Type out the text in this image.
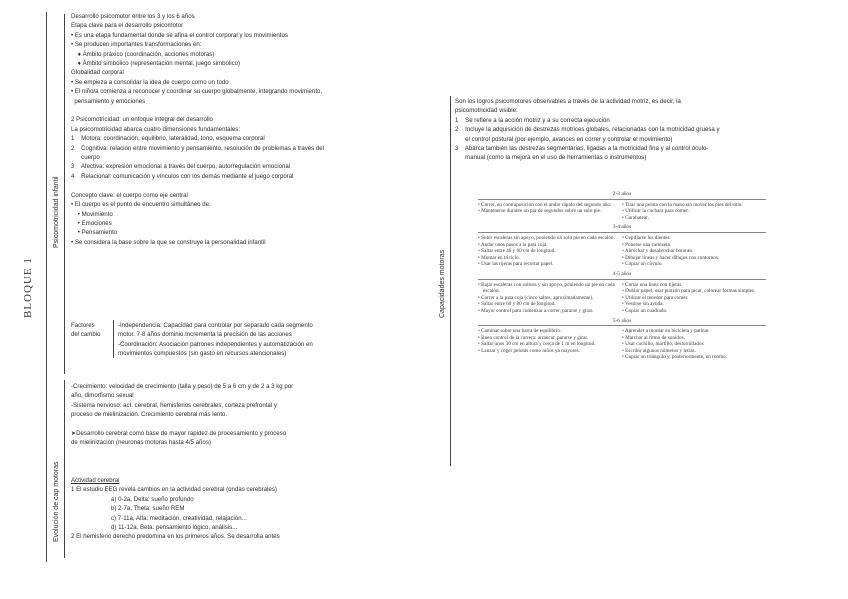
BLOQUE 1
Psicomotricidad infantil
Evolución de cap motoras
Capacidades motoras
Desarrollo psicomotor entre los 3 y los 6 años
Etapa clave para el desarrollo psicomotor
• Es una etapa fundamental donde se afina el control corporal y los movimientos
• Se producen importantes transformaciones en:
♦ Ámbito práxico (coordinación, acciones motoras)
♦ Ámbito simbólico (representación mental, juego simbólico)
Globalidad corporal
• Se empieza a consolidar la idea de cuerpo como un todo
• El niño/a comienza a reconocer y coordinar su cuerpo globalmente, integrando movimiento,
pensamiento y emociones
2 Psicomotricidad: un enfoque integral del desarrollo
La psicomotricidad abarca cuatro dimensiones fundamentales:
1    Motora: coordinación, equilibrio, lateralidad, tono, esquema corporal
2    Cognitiva: relación entre movimiento y pensamiento, resolución de problemas a través del
cuerpo
3    Afectiva: expresión emocional a través del cuerpo, autorregulación emocional
4    Relacional: comunicación y vínculos con los demás mediante el juego corporal
Concepto clave: el cuerpo como eje central
• El cuerpo es el punto de encuentro simultáneo de:
• Movimiento
• Emociones
• Pensamiento
• Se considera la base sobre la que se construye la personalidad infantil
Factores
del cambio
-Independencia: Capacidad para controlar por separado cada segmento
motor. 7-8 años dominio.Incrementa la precisión de las acciones
-Coordinación: Asociación patrones independientes y automatización en
movimientos compuestos (sin gasto en recursos atencionales)
-Crecimiento: velocidad de crecimiento (talla y peso) de 5 a 6 cm y de 2 a 3 kg por
año, dimorfismo sexual
-Sistema nervioso: act. cerebral, hemisferios cerebrales, corteza prefrontal y
proceso de mielinización. Crecimiento cerebral más lento.
➤Desarrollo cerebral como base de mayor rapidez de procesamiento y proceso
de mielinización (neuronas motoras hasta 4/5 años)
Actividad cerebral
1 El estudio EEG revela cambios en la actividad cerebral (ondas cerebrales)
a) 0-2a, Delta: sueño profundo
b) 2-7a, Theta: sueño REM
c) 7-11a, Alfa: meditación, creatividad, relajación...
d) 11-12a, Beta: pensamiento lógico, análisis...
2 El hemisferio derecho predomina en los primeros años. Se desarrolla antes
Son los logros psicomotores observables a través de la actividad motriz, es decir, la
psicomotricidad visible:
1    Se refiere a la acción motriz y a su correcta ejecución
2    Incluye la adquisición de destrezas motrices globales, relacionadas con la motricidad gruesa y
el control postural (por ejemplo, avances en correr y controlar el movimiento)
3    Abarca también las destrezas segmentarias, ligadas a la motricidad fina y al control óculo-
manual (como la mejora en el uso de herramientas o instrumentos)
2-3 años
• Correr, en contraposición con el andar rápido del segundo año.
• Mantenerse durante un par de segundos sobre un solo pie.
• Tirar una pelota con la mano sin mover los pies del sitio.
• Utilizar la cuchara para comer.
• Garabatear.
3-4 años
• Subir escaleras sin apoyo, poniendo un solo pie en cada escalón.
• Andar unos pasos a la pata coja.
• Saltar entre 40 y 60 cm de longitud.
• Montar en triciclo.
• Usar las tijeras para recortar papel.
• Cepillarse los dientes.
• Ponerse una camiseta.
• Abrochar y desabrochar botones.
• Dibujar líneas y hacer dibujos con contornos.
• Copiar un círculo.
4-5 años
• Bajar escaleras con soltura y sin apoyo, poniendo un pie en cada escalón.
• Correr a la pata coja (cinco saltos, aproximadamente).
• Saltar entre 60 y 80 cm de longitud.
• Mayor control para comenzar a correr, pararse y girar.
• Cortar una línea con tijeras.
• Doblar papel, usar punzón para picar, colorear formas simples.
• Utilizar el tenedor para comer.
• Vestirse sin ayuda.
• Copiar un cuadrado.
5-6 años
• Caminar sobre una barra de equilibrio.
• Buen control de la carrera: arrancar, pararse y girar.
• Saltar unos 30 cm en altura y cerca de 1 m en longitud.
• Lanzar y coger pelotas como niños ya mayores.
• Aprender a montar en bicicleta y patinar.
• Marchar al ritmo de sonidos.
• Usar cuchillo, martillo, destornillador.
• Escribir algunos números y letras.
• Copiar un triángulo y, posteriormente, un rombo.
